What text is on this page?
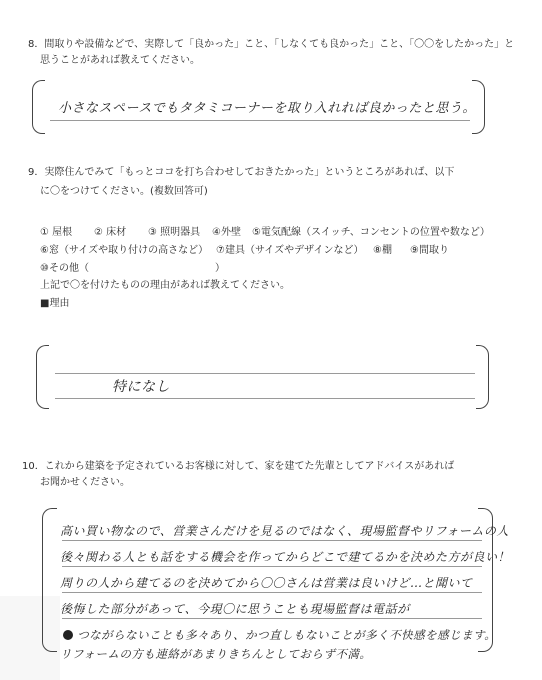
8．間取りや設備などで、実際して「良かった」こと、「しなくても良かった」こと、「〇〇をしたかった」と
思うことがあれば教えてください。
小さなスペースでもタタミコーナーを取り入れれば良かったと思う。
9．実際住んでみて「もっとココを打ち合わせしておきたかった」というところがあれば、以下
に〇をつけてください。(複数回答可)
① 屋根 ② 床材 ③ 照明器具 ④外壁 ⑤電気配線（スイッチ、コンセントの位置や数など）
⑥窓（サイズや取り付けの高さなど） ⑦建具（サイズやデザインなど） ⑧棚 ⑨間取り
⑩その他（	）
上記で〇を付けたものの理由があれば教えてください。
■理由
特になし
10．これから建築を予定されているお客様に対して、家を建てた先輩としてアドバイスがあれば
お聞かせください。
高い買い物なので、営業さんだけを見るのではなく、現場監督やリフォームの人
後々関わる人とも話をする機会を作ってからどこで建てるかを決めた方が良い！
周りの人から建てるのを決めてから〇〇さんは営業は良いけど…と聞いて
後悔した部分があって、今現〇に思うことも現場監督は電話が
つながらないことも多々あり、かつ直しもないことが多く不快感を感じます。
リフォームの方も連絡があまりきちんとしておらず不満。
